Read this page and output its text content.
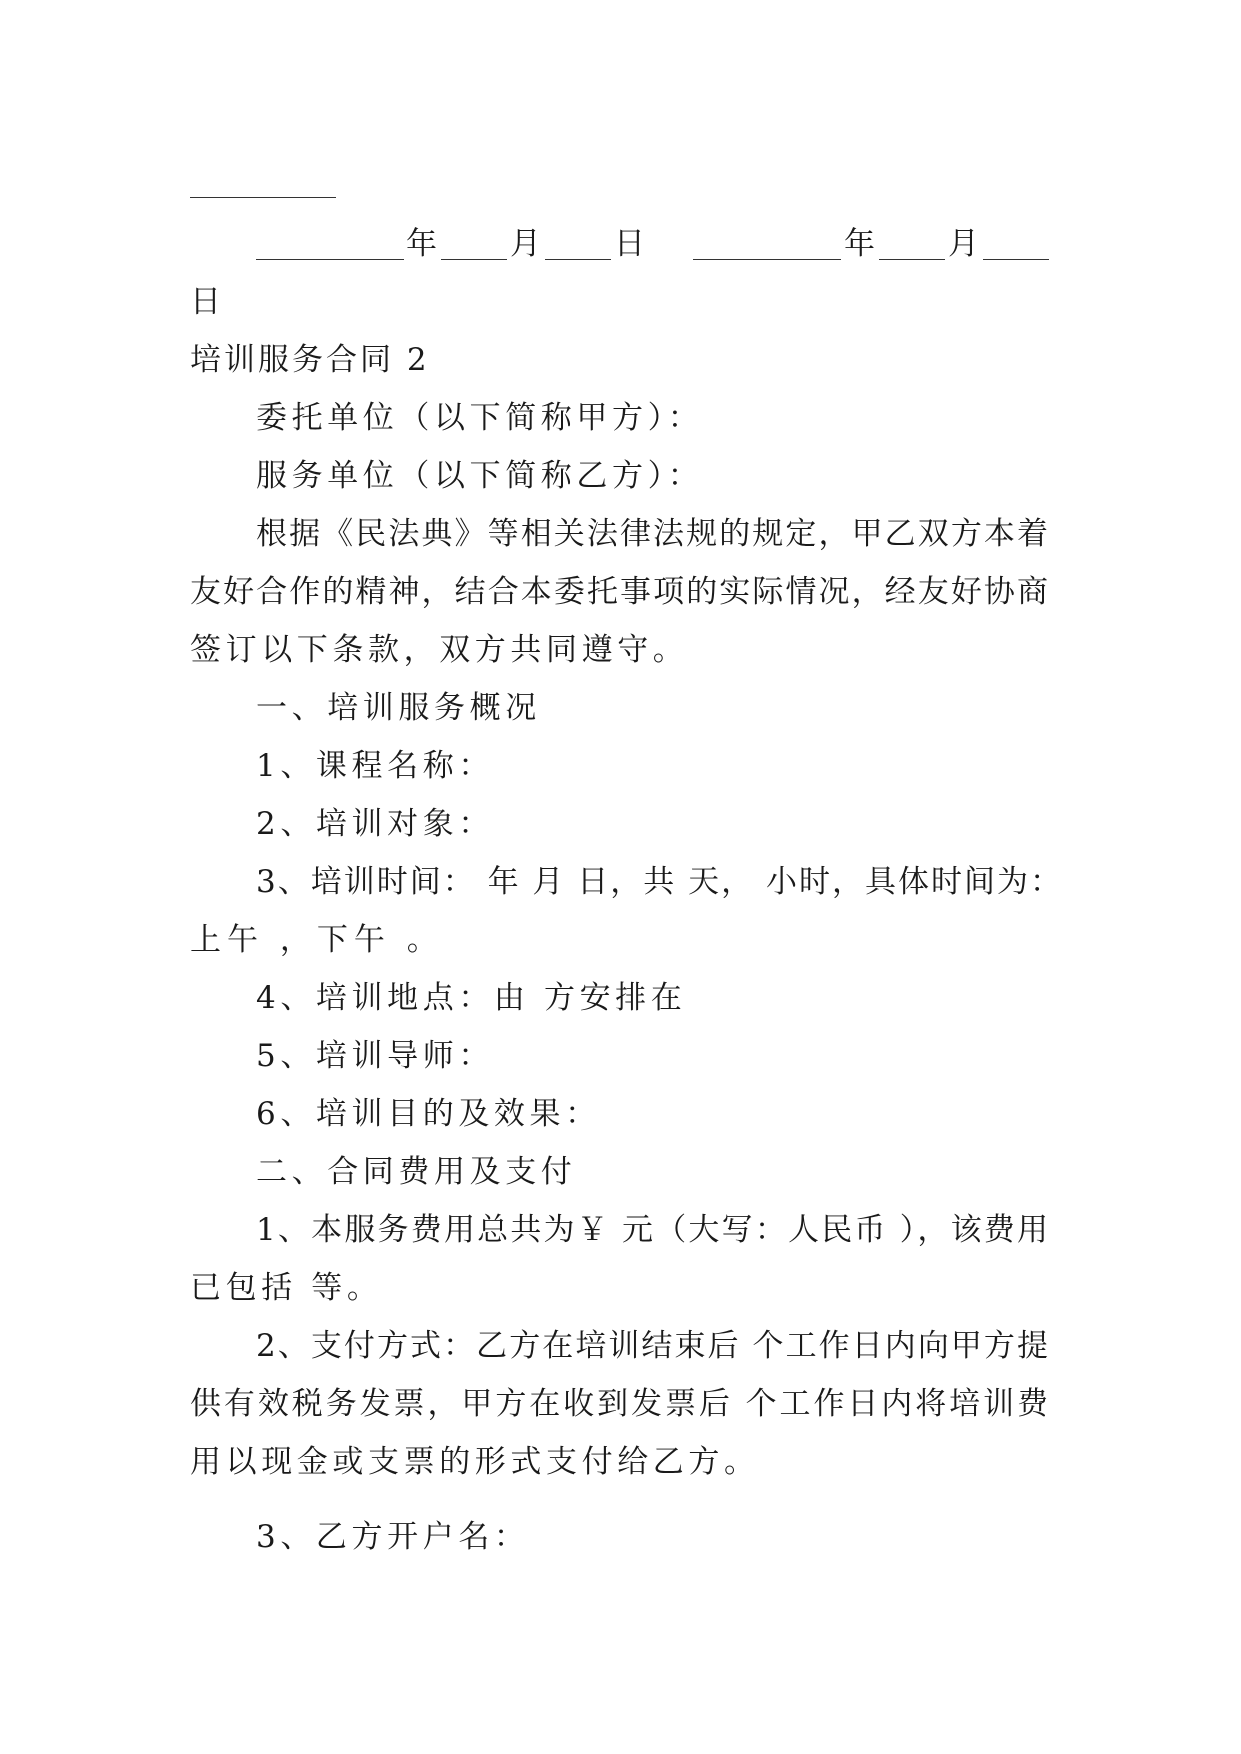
年 月 日	年 月
日
培训服务合同 2
委托单位（以下简称甲方）：
服务单位（以下简称乙方）：
根据《民法典》等相关法律法规的规定，甲乙双方本着
友好合作的精神，结合本委托事项的实际情况，经友好协商
签订以下条款，双方共同遵守。
一、培训服务概况
1、课程名称：
2、培训对象：
3、培训时间： 年 月 日，共 天， 小时，具体时间为：
上午 ，下午 。
4、培训地点：由 方安排在
5、培训导师：
6、培训目的及效果：
二、合同费用及支付
1、本服务费用总共为￥ 元（大写：人民币 ），该费用
已包括 等。
2、支付方式：乙方在培训结束后 个工作日内向甲方提
供有效税务发票，甲方在收到发票后 个工作日内将培训费
用以现金或支票的形式支付给乙方。
3、乙方开户名：
